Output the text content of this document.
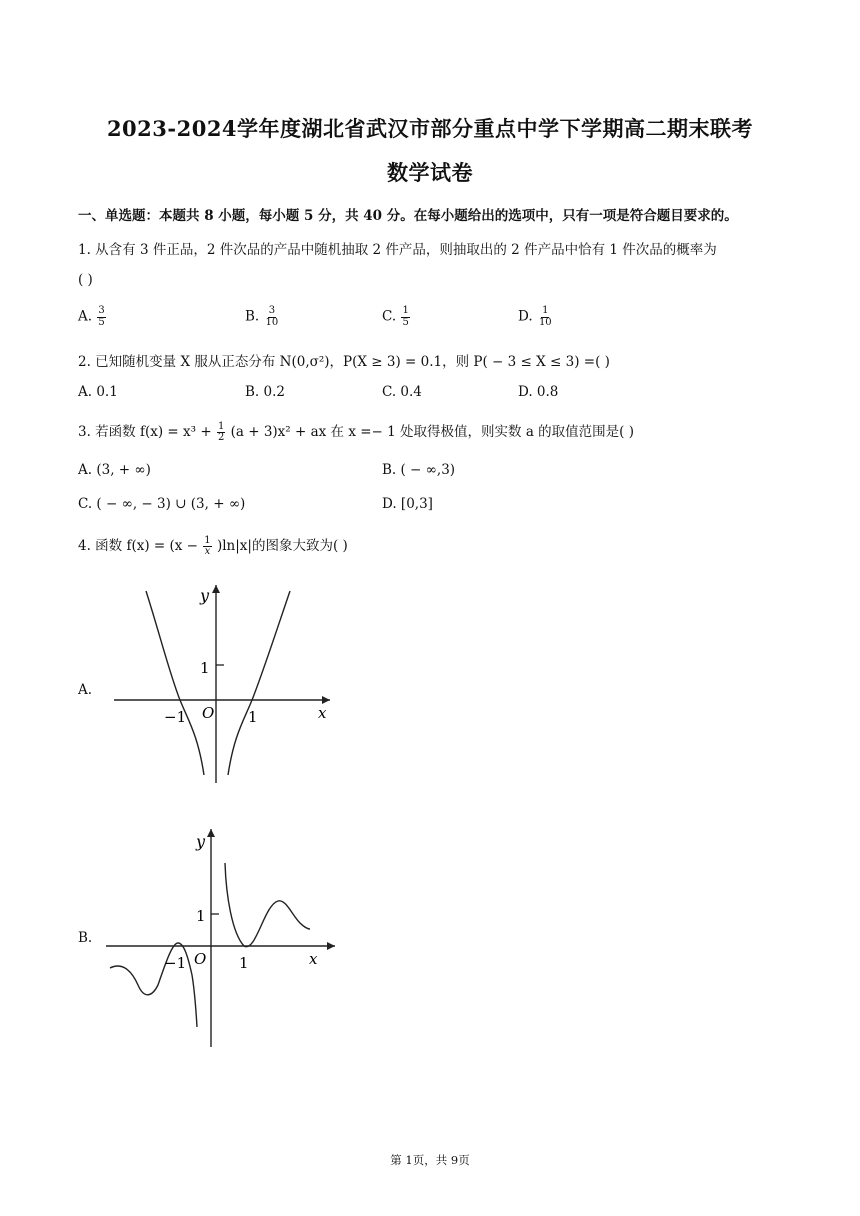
2023-2024学年度湖北省武汉市部分重点中学下学期高二期末联考
数学试卷
一、单选题：本题共 8 小题，每小题 5 分，共 40 分。在每小题给出的选项中，只有一项是符合题目要求的。
1. 从含有 3 件正品，2 件次品的产品中随机抽取 2 件产品，则抽取出的 2 件产品中恰有 1 件次品的概率为
( )
A. $\frac{3}{5}$	B. $\frac{3}{10}$	C. $\frac{1}{5}$	D. $\frac{1}{10}$
2. 已知随机变量 X 服从正态分布 N(0,σ²)，P(X ≥ 3) = 0.1，则 P( − 3 ≤ X ≤ 3) =( )
A. 0.1	B. 0.2	C. 0.4	D. 0.8
3. 若函数 $f(x) = x^3 + \frac{1}{2} (a + 3)x^2$ + ax 在 x =− 1 处取得极值，则实数 a 的取值范围是( )
A. (3, + ∞)	B. ( − ∞,3)
C. ( − ∞, − 3) ∪ (3, + ∞)	D. [0,3]
4. 函数 $f(x) = (x - \frac{1}{x} )\ln|x|$的图象大致为( )
A.
y
x
1
O
−1	1
B.
y
x
1
O
−1	1
第 1页，共 9页
